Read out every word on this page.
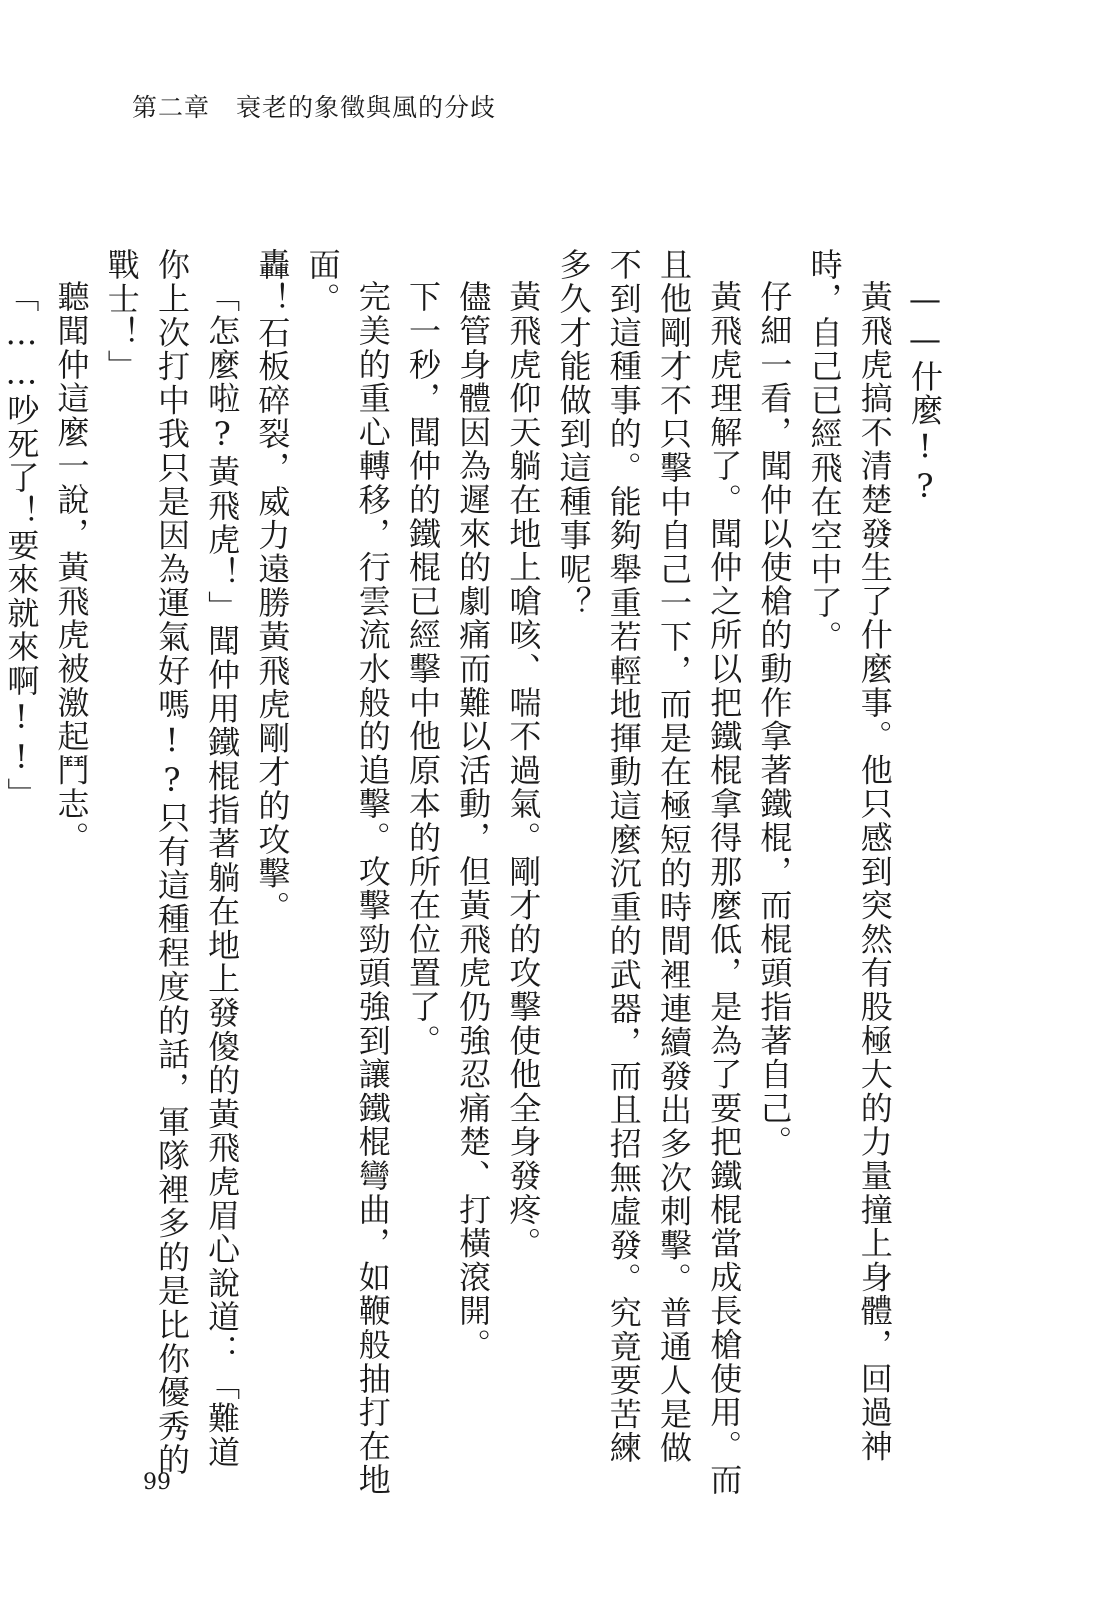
第二章　衰老的象徵與風的分歧

——什麼!?

黃飛虎搞不清楚發生了什麼事。他只感到突然有股極大的力量撞上身體，回過神時，自己已經飛在空中了。

仔細一看，聞仲以使槍的動作拿著鐵棍，而棍頭指著自己。

黃飛虎理解了。聞仲之所以把鐵棍拿得那麼低，是為了要把鐵棍當成長槍使用。而且他剛才不只擊中自己一下，而是在極短的時間裡連續發出多次刺擊。普通人是做不到這種事的。能夠舉重若輕地揮動這麼沉重的武器，而且招無虛發。究竟要苦練多久才能做到這種事呢？

黃飛虎仰天躺在地上嗆咳、喘不過氣。剛才的攻擊使他全身發疼。

儘管身體因為遲來的劇痛而難以活動，但黃飛虎仍強忍痛楚、打橫滾開。

下一秒，聞仲的鐵棍已經擊中他原本的所在位置了。

完美的重心轉移，行雲流水般的追擊。攻擊勁頭強到讓鐵棍彎曲，如鞭般抽打在地面。

轟！石板碎裂，威力遠勝黃飛虎剛才的攻擊。

「怎麼啦?黃飛虎！」聞仲用鐵棍指著躺在地上發傻的黃飛虎眉心說道：「難道你上次打中我只是因為運氣好嗎!?只有這種程度的話，軍隊裡多的是比你優秀的戰士！」

聽聞仲這麼一說，黃飛虎被激起鬥志。

「……吵死了！要來就來啊!!」

99
